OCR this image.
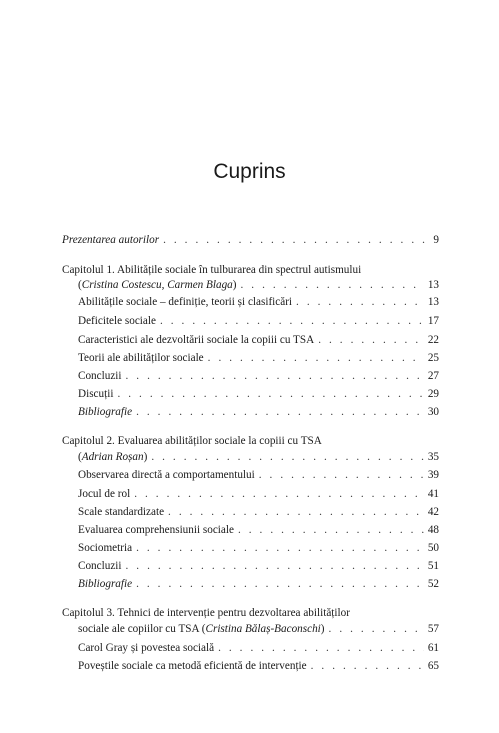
Cuprins
Prezentarea autorilor . . .	9
Capitolul 1. Abilitățile sociale în tulburarea din spectrul autismului
(Cristina Costescu, Carmen Blaga) . . .	13
Abilitățile sociale – definiție, teorii și clasificări . . .	13
Deficitele sociale . . .	17
Caracteristici ale dezvoltării sociale la copiii cu TSA . . .	22
Teorii ale abilităților sociale . . .	25
Concluzii . . .	27
Discuții . . .	29
Bibliografie . . .	30
Capitolul 2. Evaluarea abilităților sociale la copiii cu TSA
(Adrian Roșan) . . .	35
Observarea directă a comportamentului . . .	39
Jocul de rol . . .	41
Scale standardizate . . .	42
Evaluarea comprehensiunii sociale . . .	48
Sociometria . . .	50
Concluzii . . .	51
Bibliografie . . .	52
Capitolul 3. Tehnici de intervenție pentru dezvoltarea abilităților
sociale ale copiilor cu TSA (Cristina Bălaș-Baconschi) . . .	57
Carol Gray și povestea socială . . .	61
Poveștile sociale ca metodă eficientă de intervenție . . .	65
